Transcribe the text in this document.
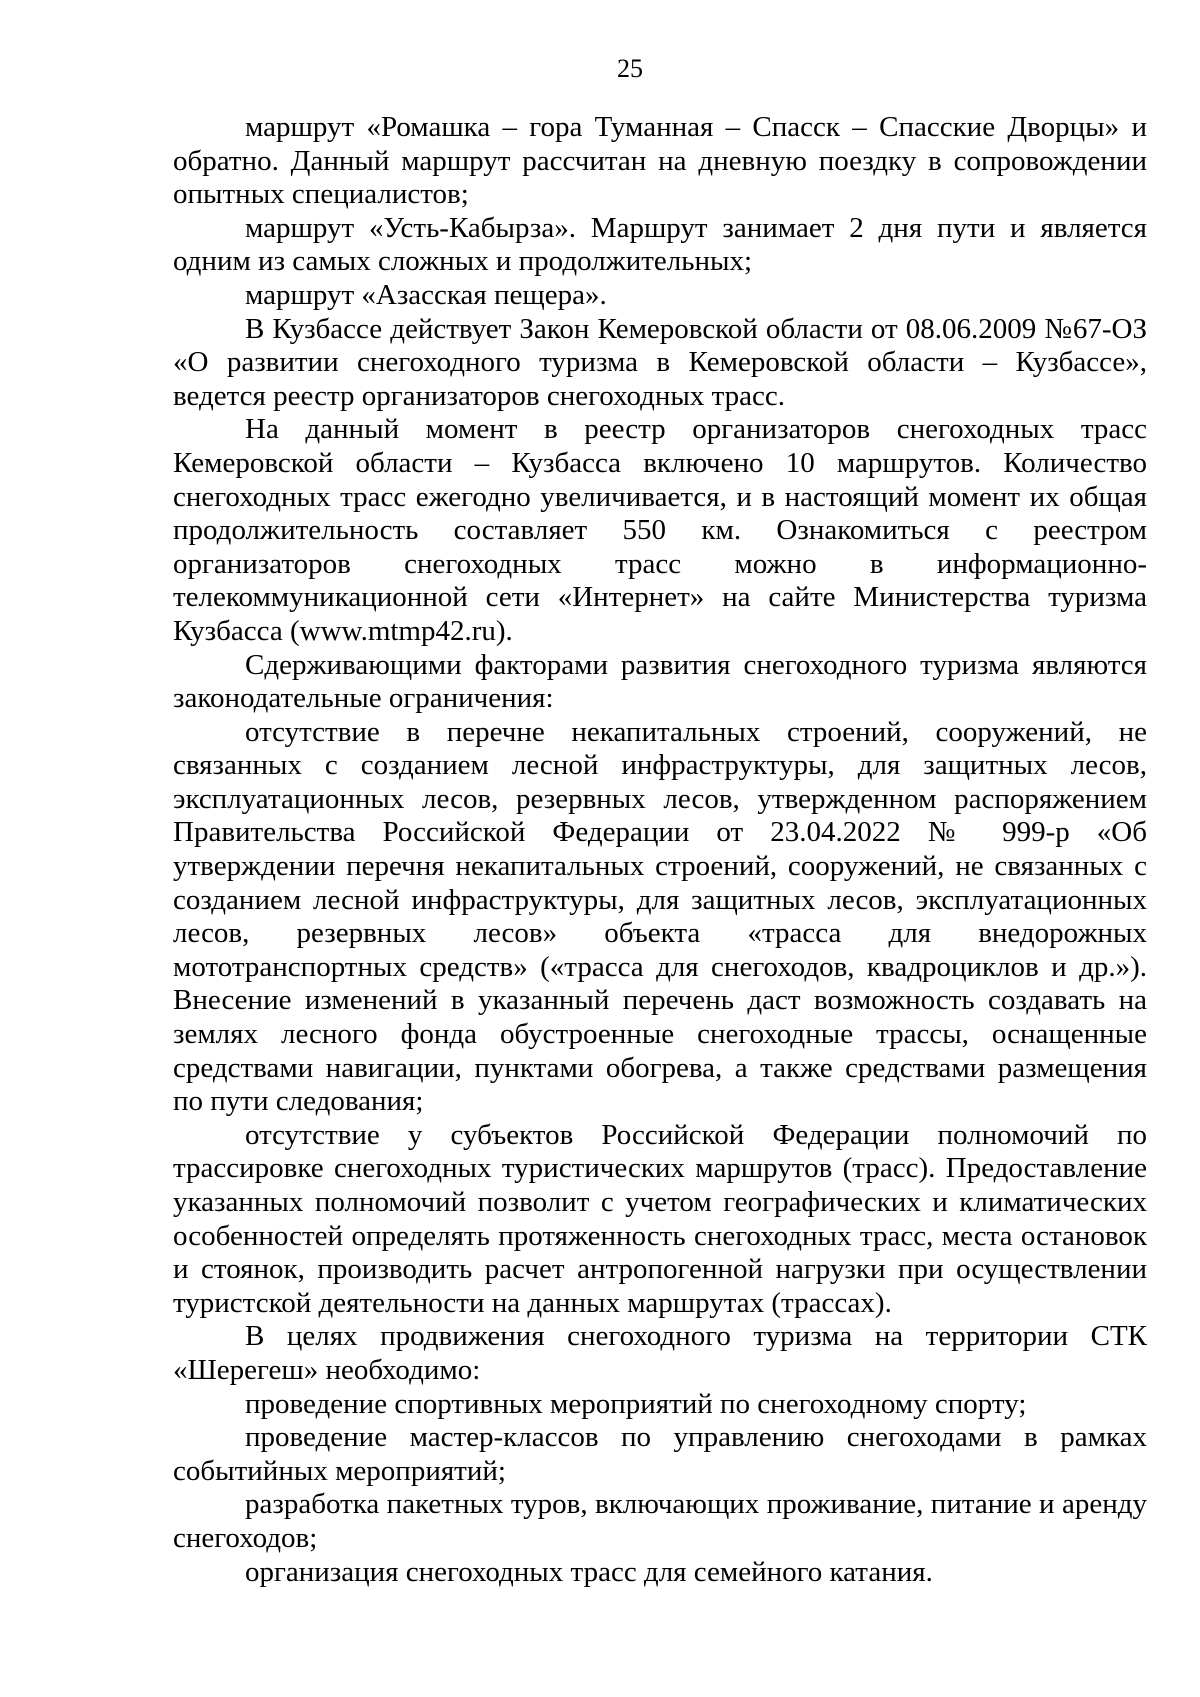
25

маршрут «Ромашка – гора Туманная – Спасск – Спасские Дворцы» и обратно. Данный маршрут рассчитан на дневную поездку в сопровождении опытных специалистов;

маршрут «Усть-Кабырза». Маршрут занимает 2 дня пути и является одним из самых сложных и продолжительных;

маршрут «Азасская пещера».

В Кузбассе действует Закон Кемеровской области от 08.06.2009 №67-ОЗ «О развитии снегоходного туризма в Кемеровской области – Кузбассе», ведется реестр организаторов снегоходных трасс.

На данный момент в реестр организаторов снегоходных трасс Кемеровской области – Кузбасса включено 10 маршрутов. Количество снегоходных трасс ежегодно увеличивается, и в настоящий момент их общая продолжительность составляет 550 км. Ознакомиться с реестром организаторов снегоходных трасс можно в информационно-телекоммуникационной сети «Интернет» на сайте Министерства туризма Кузбасса (www.mtmp42.ru).

Сдерживающими факторами развития снегоходного туризма являются законодательные ограничения:

отсутствие в перечне некапитальных строений, сооружений, не связанных с созданием лесной инфраструктуры, для защитных лесов, эксплуатационных лесов, резервных лесов, утвержденном распоряжением Правительства Российской Федерации от 23.04.2022 № 999-р «Об утверждении перечня некапитальных строений, сооружений, не связанных с созданием лесной инфраструктуры, для защитных лесов, эксплуатационных лесов, резервных лесов» объекта «трасса для внедорожных мототранспортных средств» («трасса для снегоходов, квадроциклов и др.»). Внесение изменений в указанный перечень даст возможность создавать на землях лесного фонда обустроенные снегоходные трассы, оснащенные средствами навигации, пунктами обогрева, а также средствами размещения по пути следования;

отсутствие у субъектов Российской Федерации полномочий по трассировке снегоходных туристических маршрутов (трасс). Предоставление указанных полномочий позволит с учетом географических и климатических особенностей определять протяженность снегоходных трасс, места остановок и стоянок, производить расчет антропогенной нагрузки при осуществлении туристской деятельности на данных маршрутах (трассах).

В целях продвижения снегоходного туризма на территории СТК «Шерегеш» необходимо:

проведение спортивных мероприятий по снегоходному спорту;

проведение мастер-классов по управлению снегоходами в рамках событийных мероприятий;

разработка пакетных туров, включающих проживание, питание и аренду снегоходов;

организация снегоходных трасс для семейного катания.
